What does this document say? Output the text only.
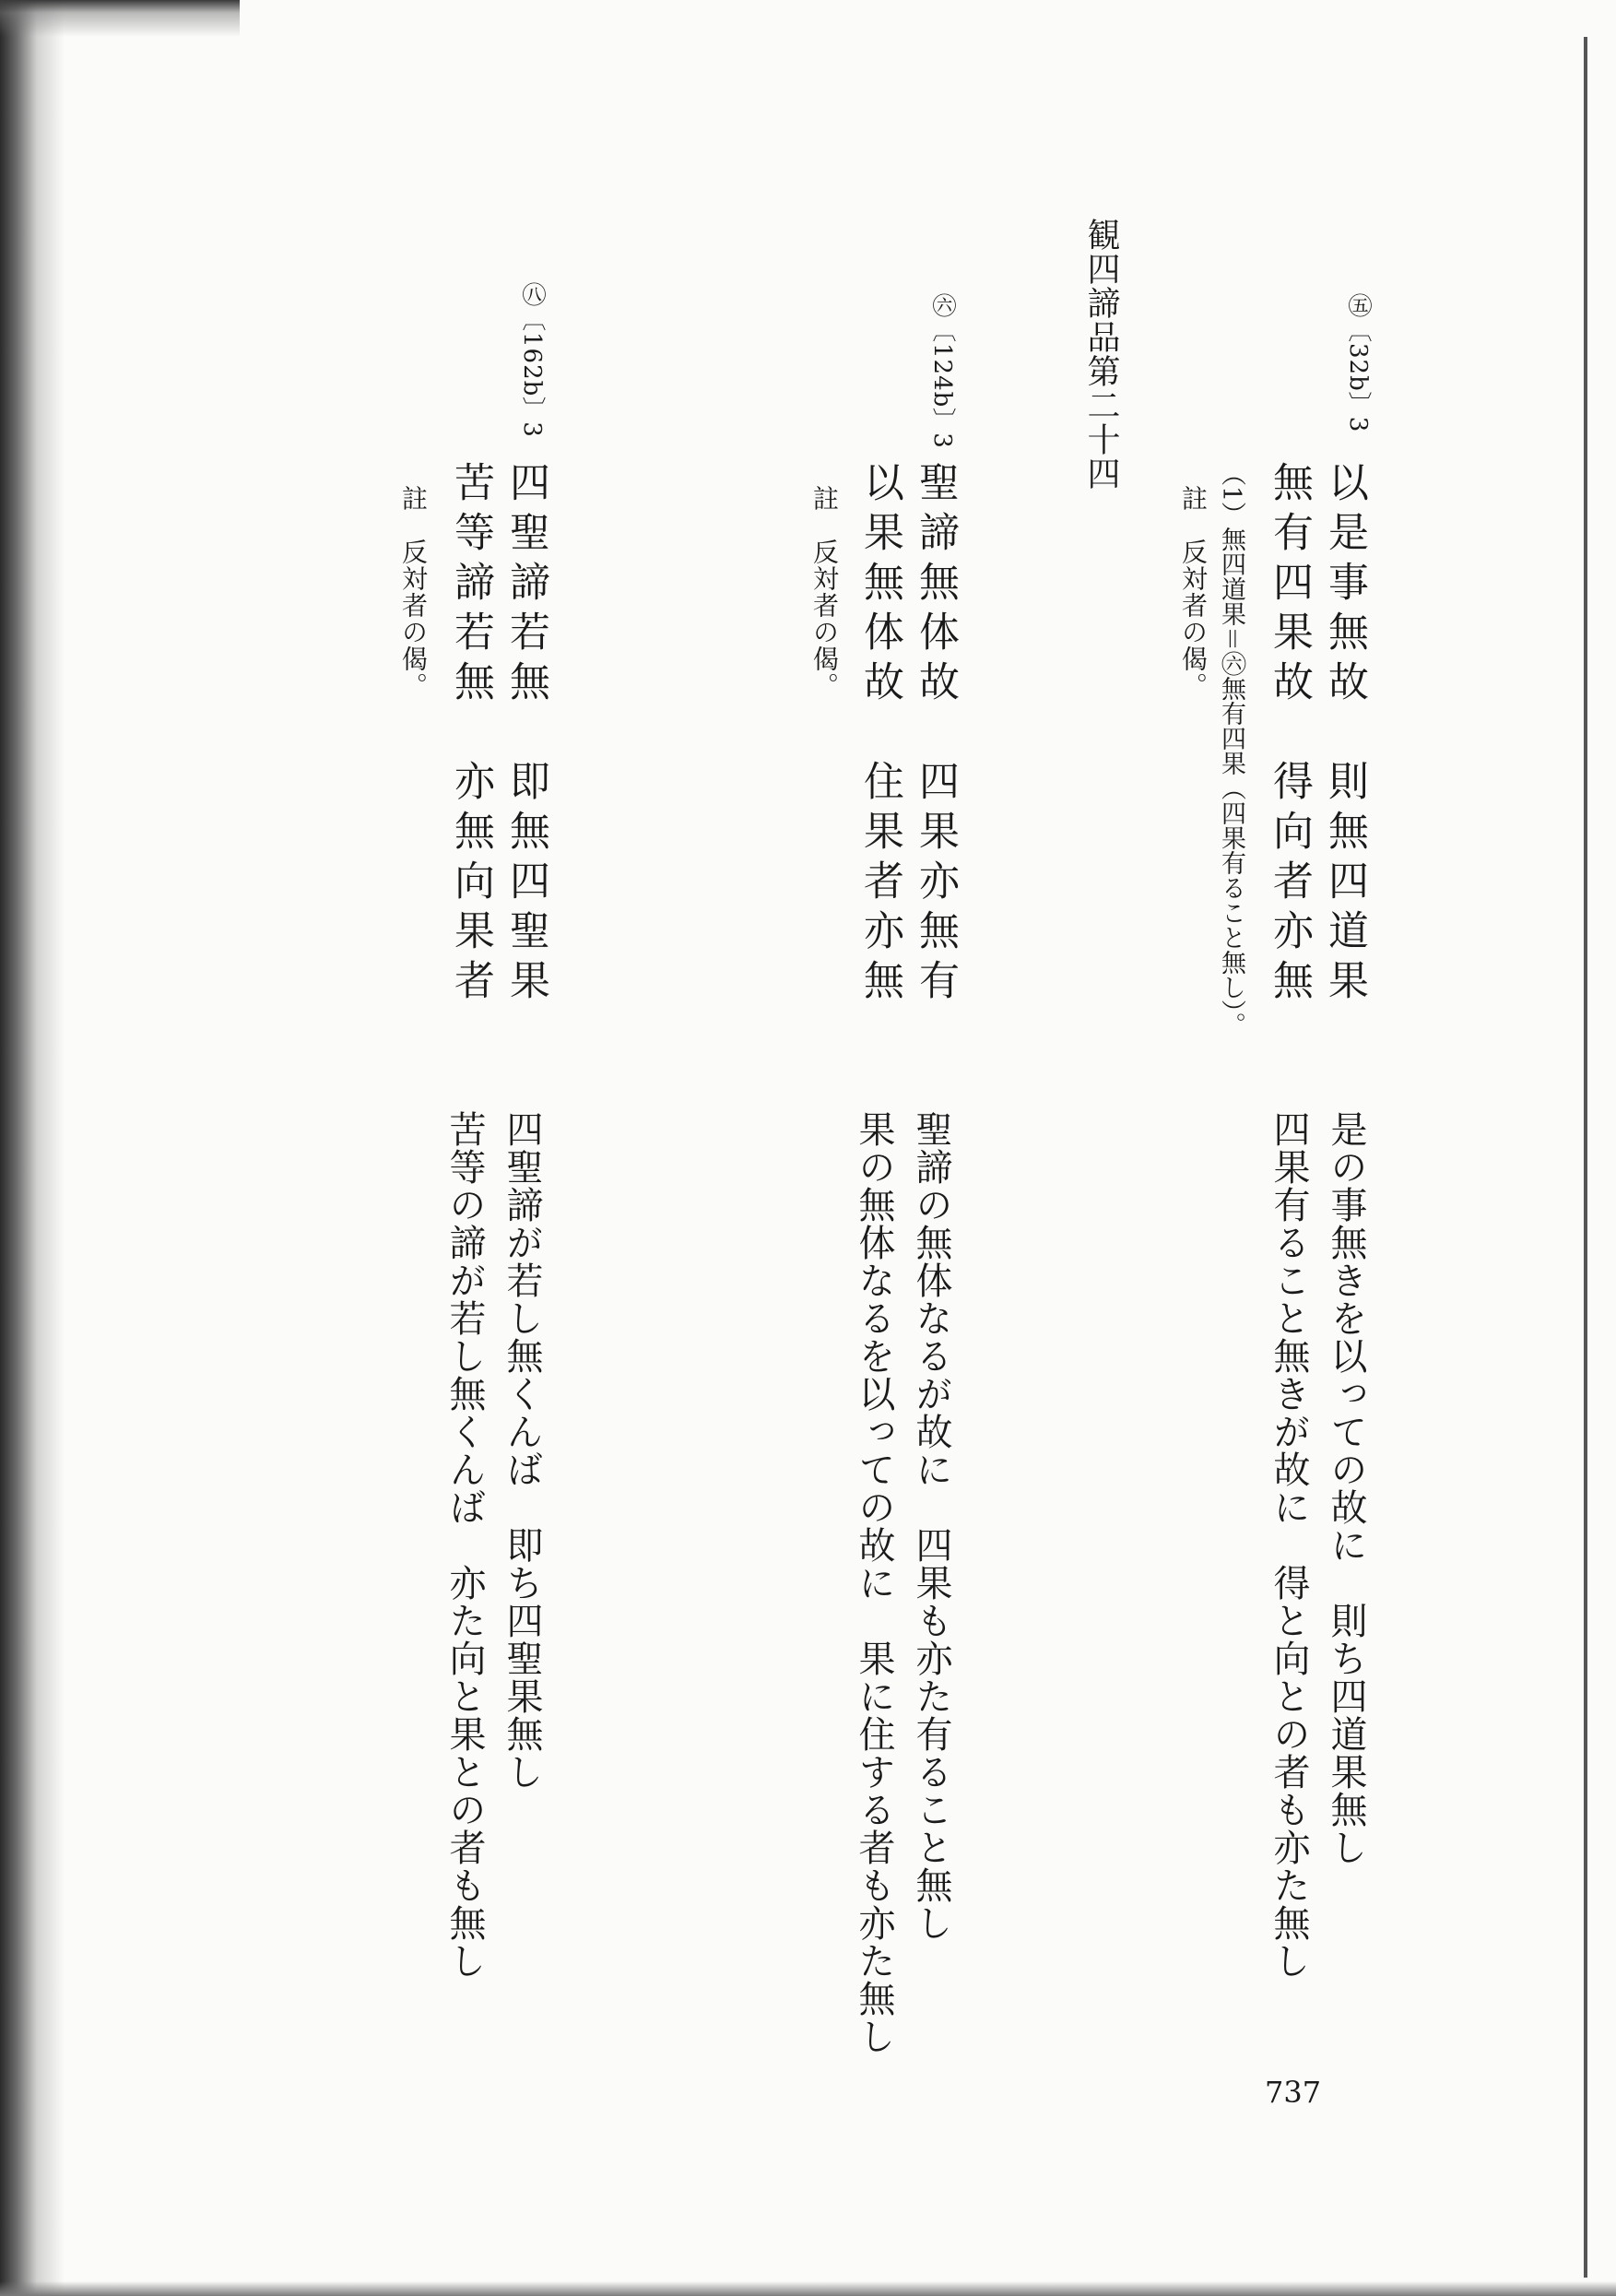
観四諦品第二十四	㊄〔32b〕3
以是事無故　則無四道果
無有四果故　得向者亦無
（1）無四道果＝㊅無有四果（四果有ること無し）。
註　反対者の偈。
是の事無きを以っての故に　則ち四道果無し
四果有ること無きが故に　得と向との者も亦た無し
㊅〔124b〕3
聖諦無体故　四果亦無有
以果無体故　住果者亦無
註　反対者の偈。
聖諦の無体なるが故に　四果も亦た有ること無し
果の無体なるを以っての故に　果に住する者も亦た無し
㊇〔162b〕3
四聖諦若無　即無四聖果
苦等諦若無　亦無向果者
註　反対者の偈。
四聖諦が若し無くんば　即ち四聖果無し
苦等の諦が若し無くんば　亦た向と果との者も無し
737
